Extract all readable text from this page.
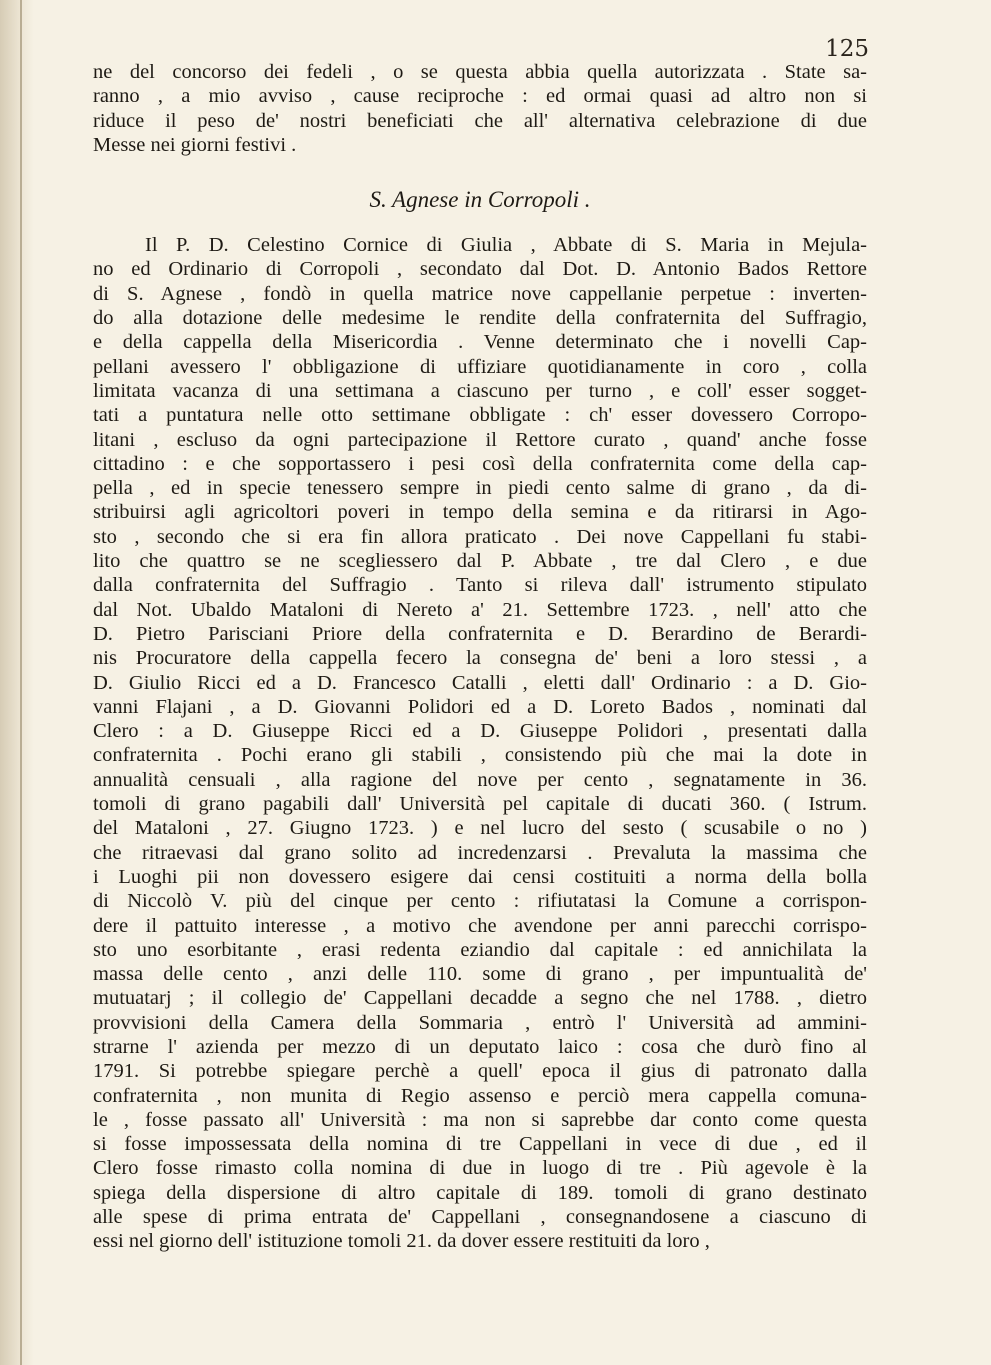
125
ne del concorso dei fedeli , o se questa abbia quella autorizzata . State sa-
ranno , a mio avviso , cause reciproche : ed ormai quasi ad altro non si
riduce il peso de' nostri beneficiati che all' alternativa celebrazione di due
Messe nei giorni festivi .
S. Agnese in Corropoli .
Il P. D. Celestino Cornice di Giulia , Abbate di S. Maria in Mejula-
no ed Ordinario di Corropoli , secondato dal Dot. D. Antonio Bados Rettore
di S. Agnese , fondò in quella matrice nove cappellanie perpetue : inverten-
do alla dotazione delle medesime le rendite della confraternita del Suffragio,
e della cappella della Misericordia . Venne determinato che i novelli Cap-
pellani avessero l' obbligazione di uffiziare quotidianamente in coro , colla
limitata vacanza di una settimana a ciascuno per turno , e coll' esser sogget-
tati a puntatura nelle otto settimane obbligate : ch' esser dovessero Corropo-
litani , escluso da ogni partecipazione il Rettore curato , quand' anche fosse
cittadino : e che sopportassero i pesi così della confraternita come della cap-
pella , ed in specie tenessero sempre in piedi cento salme di grano , da di-
stribuirsi agli agricoltori poveri in tempo della semina e da ritirarsi in Ago-
sto , secondo che si era fin allora praticato . Dei nove Cappellani fu stabi-
lito che quattro se ne scegliessero dal P. Abbate , tre dal Clero , e due
dalla confraternita del Suffragio . Tanto si rileva dall' istrumento stipulato
dal Not. Ubaldo Mataloni di Nereto a' 21. Settembre 1723. , nell' atto che
D. Pietro Parisciani Priore della confraternita e D. Berardino de Berardi-
nis Procuratore della cappella fecero la consegna de' beni a loro stessi , a
D. Giulio Ricci ed a D. Francesco Catalli , eletti dall' Ordinario : a D. Gio-
vanni Flajani , a D. Giovanni Polidori ed a D. Loreto Bados , nominati dal
Clero : a D. Giuseppe Ricci ed a D. Giuseppe Polidori , presentati dalla
confraternita . Pochi erano gli stabili , consistendo più che mai la dote in
annualità censuali , alla ragione del nove per cento , segnatamente in 36.
tomoli di grano pagabili dall' Università pel capitale di ducati 360. ( Istrum.
del Mataloni , 27. Giugno 1723. ) e nel lucro del sesto ( scusabile o no )
che ritraevasi dal grano solito ad incredenzarsi . Prevaluta la massima che
i Luoghi pii non dovessero esigere dai censi costituiti a norma della bolla
di Niccolò V. più del cinque per cento : rifiutatasi la Comune a corrispon-
dere il pattuito interesse , a motivo che avendone per anni parecchi corrispo-
sto uno esorbitante , erasi redenta eziandio dal capitale : ed annichilata la
massa delle cento , anzi delle 110. some di grano , per impuntualità de'
mutuatarj ; il collegio de' Cappellani decadde a segno che nel 1788. , dietro
provvisioni della Camera della Sommaria , entrò l' Università ad ammini-
strarne l' azienda per mezzo di un deputato laico : cosa che durò fino al
1791. Si potrebbe spiegare perchè a quell' epoca il gius di patronato dalla
confraternita , non munita di Regio assenso e perciò mera cappella comuna-
le , fosse passato all' Università : ma non si saprebbe dar conto come questa
si fosse impossessata della nomina di tre Cappellani in vece di due , ed il
Clero fosse rimasto colla nomina di due in luogo di tre . Più agevole è la
spiega della dispersione di altro capitale di 189. tomoli di grano destinato
alle spese di prima entrata de' Cappellani , consegnandosene a ciascuno di
essi nel giorno dell' istituzione tomoli 21. da dover essere restituiti da loro ,
